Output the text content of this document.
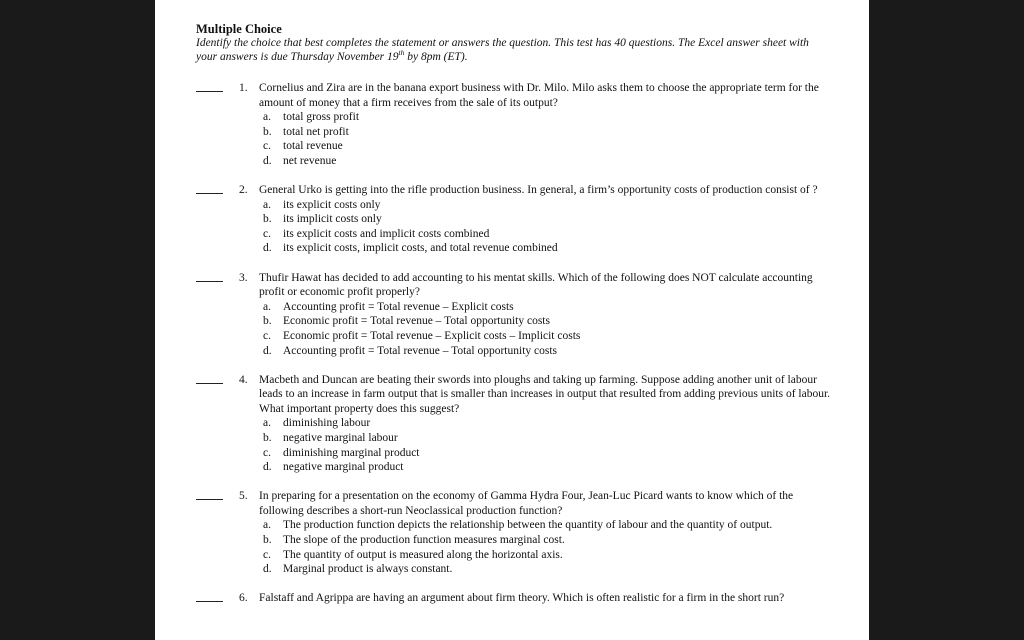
Multiple Choice

Identify the choice that best completes the statement or answers the question. This test has 40 questions. The Excel answer sheet with your answers is due Thursday November 19th by 8pm (ET).

1. Cornelius and Zira are in the banana export business with Dr. Milo. Milo asks them to choose the appropriate term for the amount of money that a firm receives from the sale of its output?
a. total gross profit
b. total net profit
c. total revenue
d. net revenue
2. General Urko is getting into the rifle production business. In general, a firm’s opportunity costs of production consist of ?
a. its explicit costs only
b. its implicit costs only
c. its explicit costs and implicit costs combined
d. its explicit costs, implicit costs, and total revenue combined
3. Thufir Hawat has decided to add accounting to his mentat skills. Which of the following does NOT calculate accounting profit or economic profit properly?
a. Accounting profit = Total revenue – Explicit costs
b. Economic profit = Total revenue – Total opportunity costs
c. Economic profit = Total revenue – Explicit costs – Implicit costs
d. Accounting profit = Total revenue – Total opportunity costs
4. Macbeth and Duncan are beating their swords into ploughs and taking up farming. Suppose adding another unit of labour leads to an increase in farm output that is smaller than increases in output that resulted from adding previous units of labour. What important property does this suggest?
a. diminishing labour
b. negative marginal labour
c. diminishing marginal product
d. negative marginal product
5. In preparing for a presentation on the economy of Gamma Hydra Four, Jean-Luc Picard wants to know which of the following describes a short-run Neoclassical production function?
a. The production function depicts the relationship between the quantity of labour and the quantity of output.
b. The slope of the production function measures marginal cost.
c. The quantity of output is measured along the horizontal axis.
d. Marginal product is always constant.
6. Falstaff and Agrippa are having an argument about firm theory. Which is often realistic for a firm in the short run?
